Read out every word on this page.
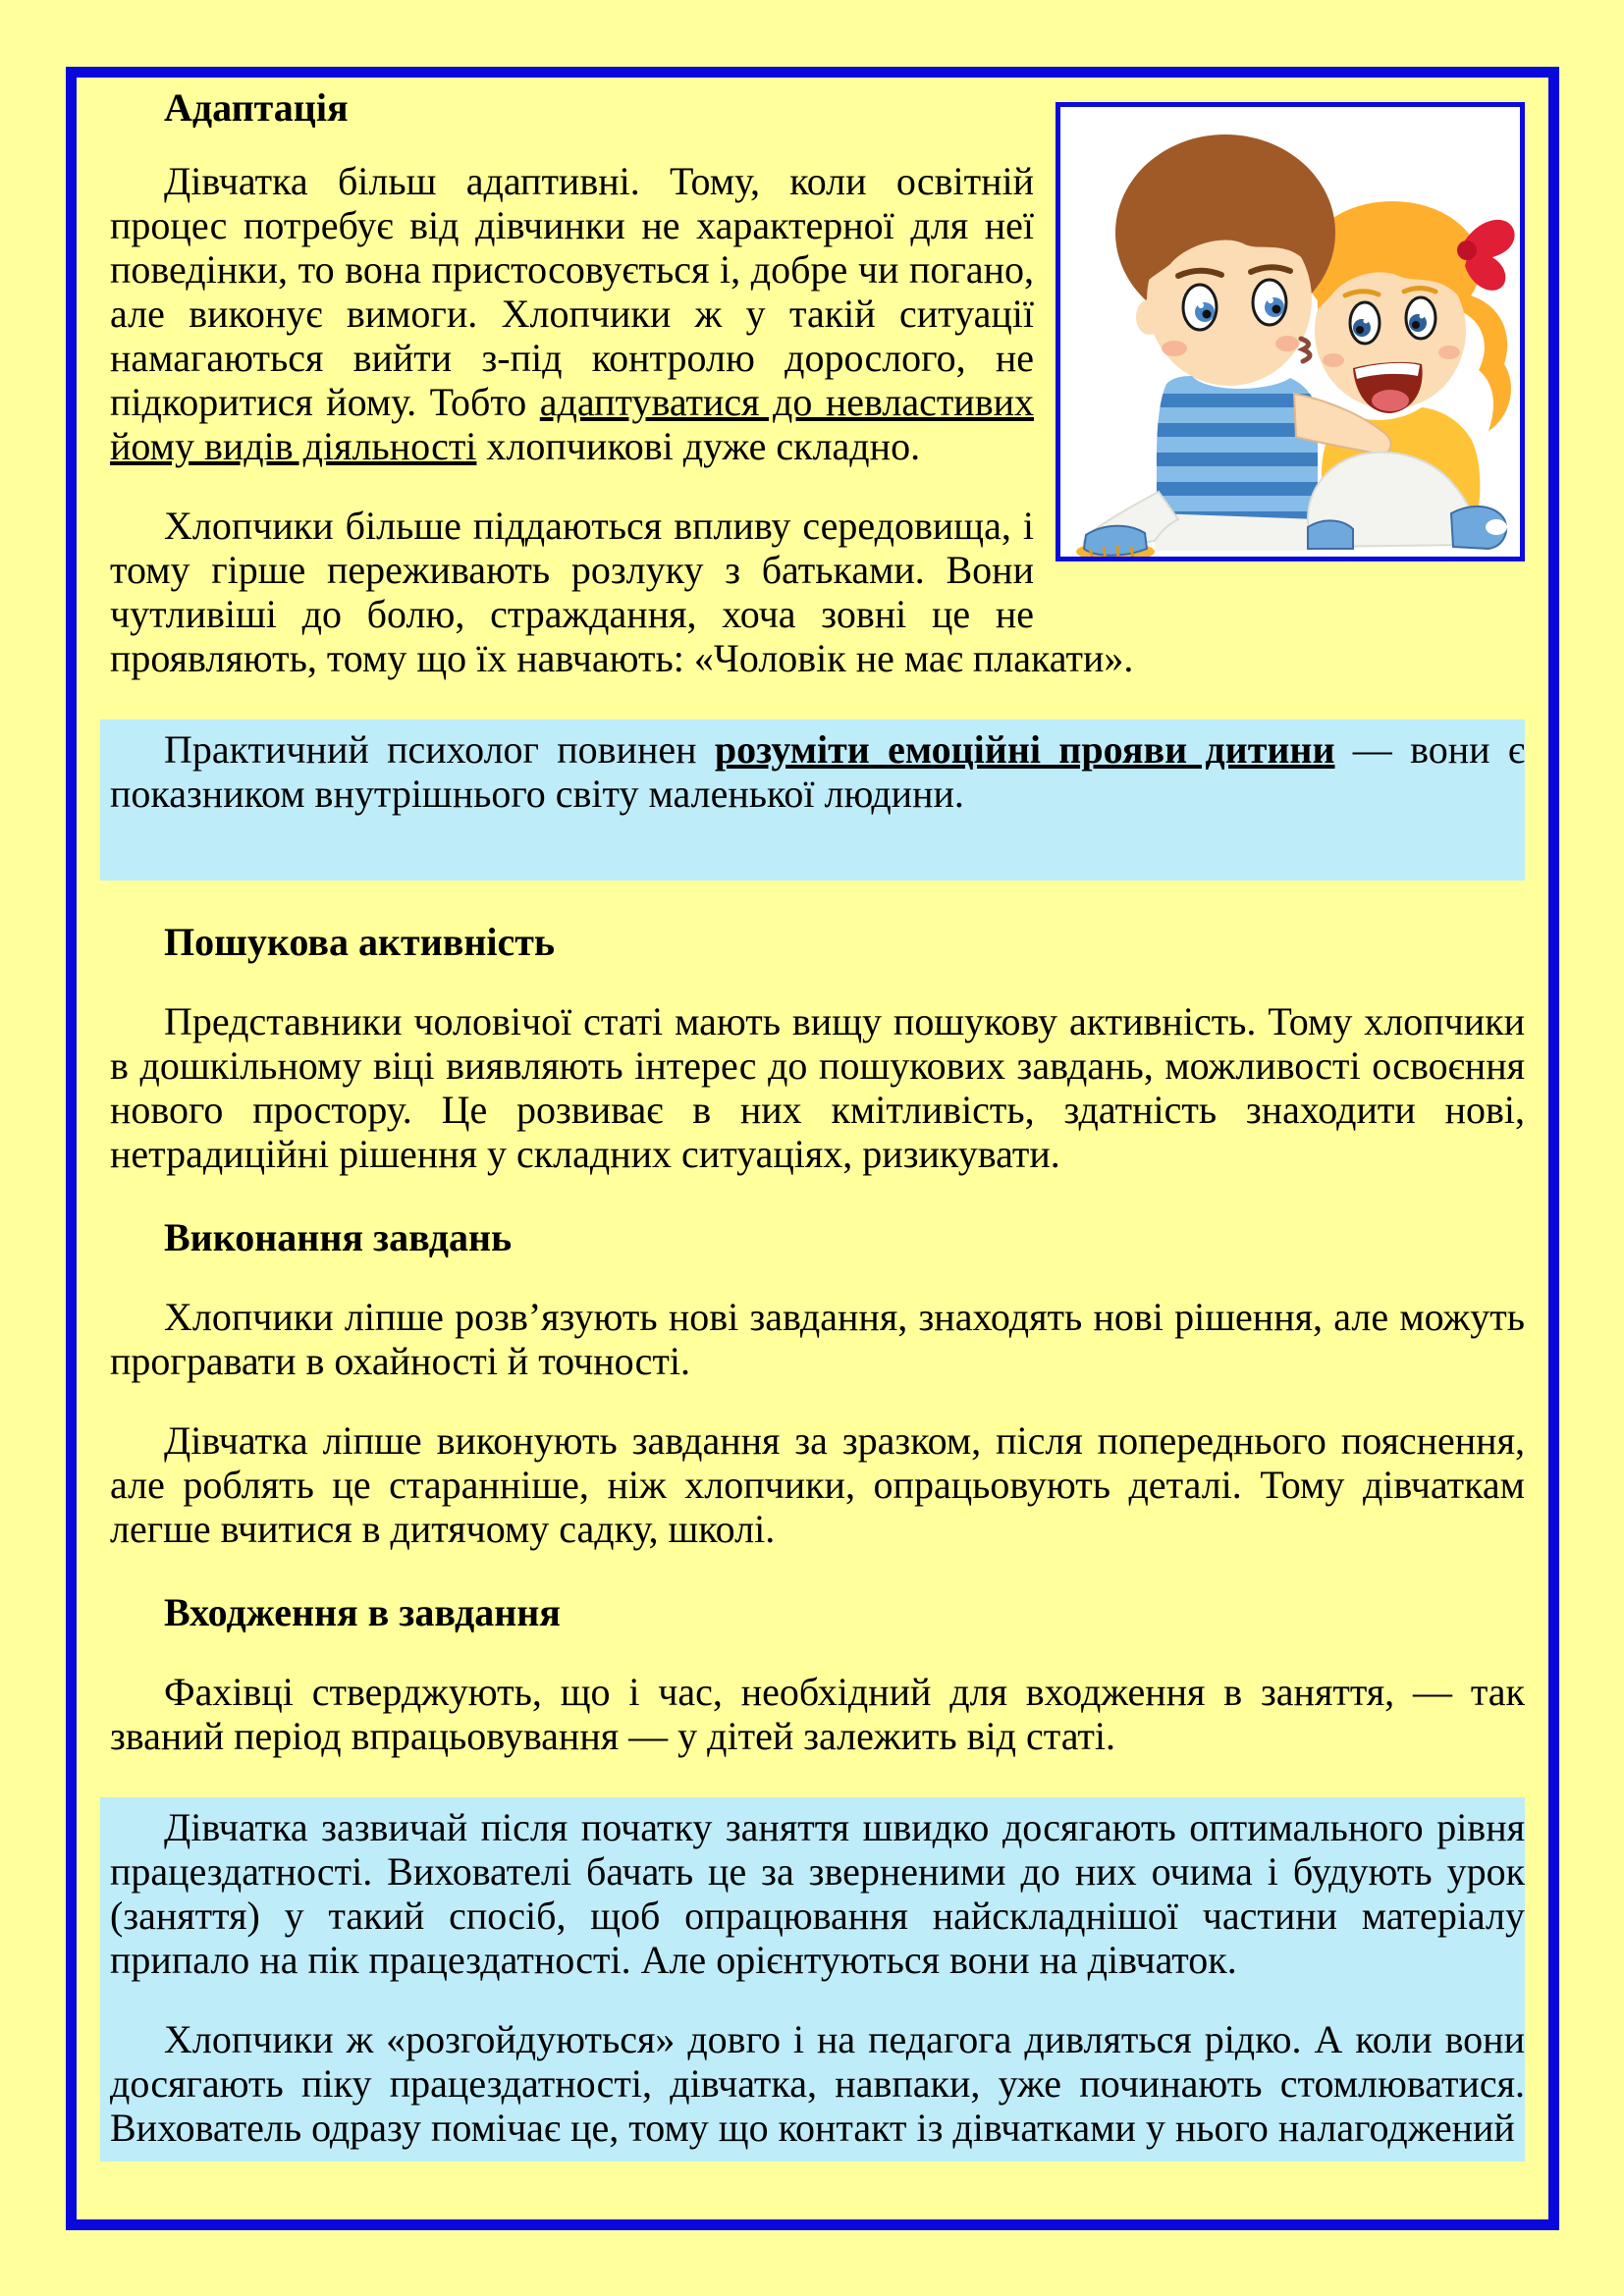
Адаптація

Дівчатка більш адаптивні. Тому, коли освітній процес потребує від дівчинки не характерної для неї поведінки, то вона пристосовується і, добре чи погано, але виконує вимоги. Хлопчики ж у такій ситуації намагаються вийти з-під контролю дорослого, не підкоритися йому. Тобто адаптуватися до невластивих йому видів діяльності хлопчикові дуже складно.

Хлопчики більше піддаються впливу середовища, і тому гірше переживають розлуку з батьками. Вони чутливіші до болю, страждання, хоча зовні це не проявляють, тому що їх навчають: «Чоловік не має плакати».

Практичний психолог повинен розуміти емоційні прояви дитини — вони є показником внутрішнього світу маленької людини.

Пошукова активність

Представники чоловічої статі мають вищу пошукову активність. Тому хлопчики в дошкільному віці виявляють інтерес до пошукових завдань, можливості освоєння нового простору. Це розвиває в них кмітливість, здатність знаходити нові, нетрадиційні рішення у складних ситуаціях, ризикувати.

Виконання завдань

Хлопчики ліпше розв’язують нові завдання, знаходять нові рішення, але можуть програвати в охайності й точності.

Дівчатка ліпше виконують завдання за зразком, після попереднього пояснення, але роблять це старанніше, ніж хлопчики, опрацьовують деталі. Тому дівчаткам легше вчитися в дитячому садку, школі.

Входження в завдання

Фахівці стверджують, що і час, необхідний для входження в заняття, — так званий період впрацьовування — у дітей залежить від статі.

Дівчатка зазвичай після початку заняття швидко досягають оптимального рівня працездатності. Вихователі бачать це за зверненими до них очима і будують урок (заняття) у такий спосіб, щоб опрацювання найскладнішої частини матеріалу припало на пік працездатності. Але орієнтуються вони на дівчаток.

Хлопчики ж «розгойдуються» довго і на педагога дивляться рідко. А коли вони досягають піку працездатності, дівчатка, навпаки, уже починають стомлюватися. Вихователь одразу помічає це, тому що контакт із дівчатками у нього налагоджений
